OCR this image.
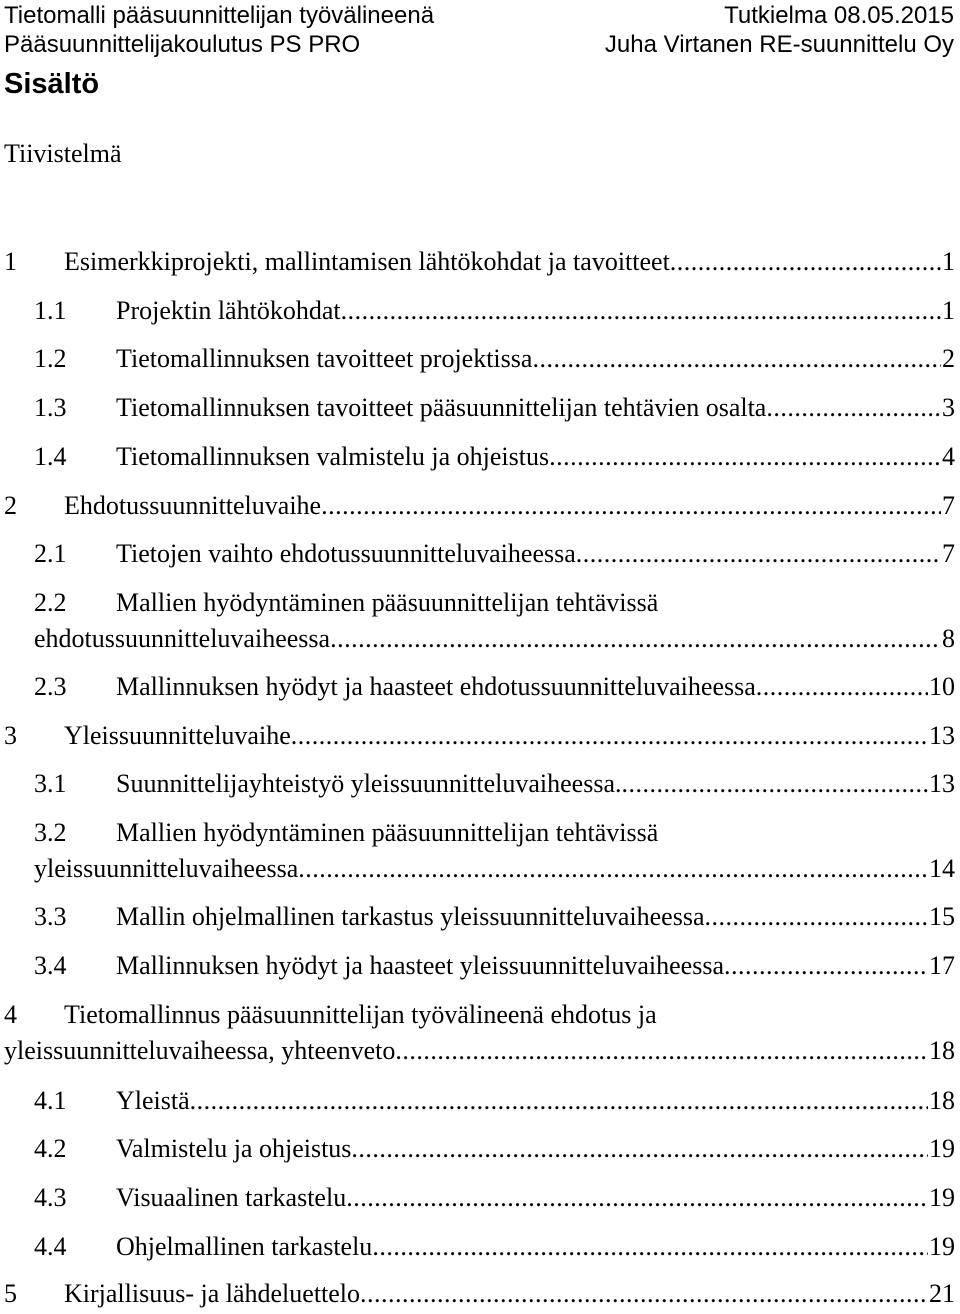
Tietomalli pääsuunnittelijan työvälineenä
Pääsuunnittelijakoulutus PS PRO
Tutkielma 08.05.2015
Juha Virtanen RE-suunnittelu Oy
Sisältö
Tiivistelmä
1 Esimerkkiprojekti, mallintamisen lähtökohdat ja tavoitteet .....	1
1.1 Projektin lähtökohdat .....	1
1.2 Tietomallinnuksen tavoitteet projektissa .....	2
1.3 Tietomallinnuksen tavoitteet pääsuunnittelijan tehtävien osalta .....	3
1.4 Tietomallinnuksen valmistelu ja ohjeistus .....	4
2 Ehdotussuunnitteluvaihe .....	7
2.1 Tietojen vaihto ehdotussuunnitteluvaiheessa .....	7
2.2 Mallien hyödyntäminen pääsuunnittelijan tehtävissä
ehdotussuunnitteluvaiheessa .....	8
2.3 Mallinnuksen hyödyt ja haasteet ehdotussuunnitteluvaiheessa .....	10
3 Yleissuunnitteluvaihe .....	13
3.1 Suunnittelijayhteistyö yleissuunnitteluvaiheessa. .....	13
3.2 Mallien hyödyntäminen pääsuunnittelijan tehtävissä
yleissuunnitteluvaiheessa .....	14
3.3 Mallin ohjelmallinen tarkastus yleissuunnitteluvaiheessa .....	15
3.4 Mallinnuksen hyödyt ja haasteet yleissuunnitteluvaiheessa .....	17
4 Tietomallinnus pääsuunnittelijan työvälineenä ehdotus ja
yleissuunnitteluvaiheessa, yhteenveto .....	18
4.1 Yleistä .....	18
4.2 Valmistelu ja ohjeistus .....	19
4.3 Visuaalinen tarkastelu .....	19
4.4 Ohjelmallinen tarkastelu .....	19
5 Kirjallisuus- ja lähdeluettelo .....	21
